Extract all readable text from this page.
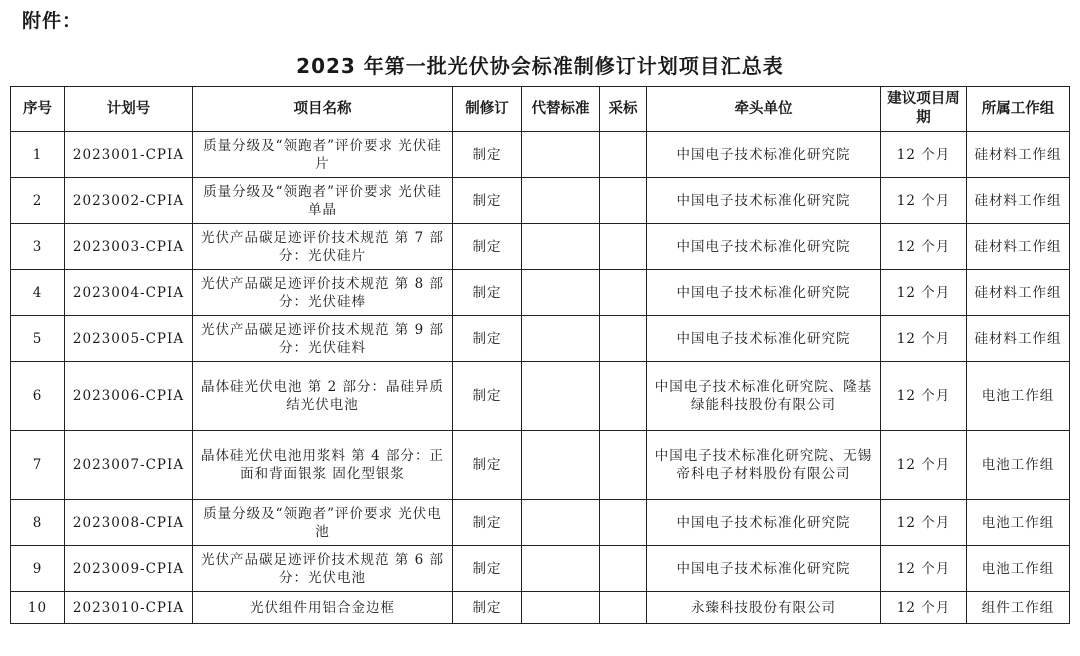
附件：
2023 年第一批光伏协会标准制修订计划项目汇总表
序号	计划号	项目名称	制修订	代替标准	采标	牵头单位	建议项目周期	所属工作组
1	2023001-CPIA	质量分级及“领跑者”评价要求 光伏硅片	制定			中国电子技术标准化研究院	12 个月	硅材料工作组
2	2023002-CPIA	质量分级及“领跑者”评价要求 光伏硅单晶	制定			中国电子技术标准化研究院	12 个月	硅材料工作组
3	2023003-CPIA	光伏产品碳足迹评价技术规范 第 7 部分：光伏硅片	制定			中国电子技术标准化研究院	12 个月	硅材料工作组
4	2023004-CPIA	光伏产品碳足迹评价技术规范 第 8 部分：光伏硅棒	制定			中国电子技术标准化研究院	12 个月	硅材料工作组
5	2023005-CPIA	光伏产品碳足迹评价技术规范 第 9 部分：光伏硅料	制定			中国电子技术标准化研究院	12 个月	硅材料工作组
6	2023006-CPIA	晶体硅光伏电池 第 2 部分：晶硅异质结光伏电池	制定			中国电子技术标准化研究院、隆基绿能科技股份有限公司	12 个月	电池工作组
7	2023007-CPIA	晶体硅光伏电池用浆料 第 4 部分：正面和背面银浆 固化型银浆	制定			中国电子技术标准化研究院、无锡帝科电子材料股份有限公司	12 个月	电池工作组
8	2023008-CPIA	质量分级及“领跑者”评价要求 光伏电池	制定			中国电子技术标准化研究院	12 个月	电池工作组
9	2023009-CPIA	光伏产品碳足迹评价技术规范 第 6 部分：光伏电池	制定			中国电子技术标准化研究院	12 个月	电池工作组
10	2023010-CPIA	光伏组件用铝合金边框	制定			永臻科技股份有限公司	12 个月	组件工作组
